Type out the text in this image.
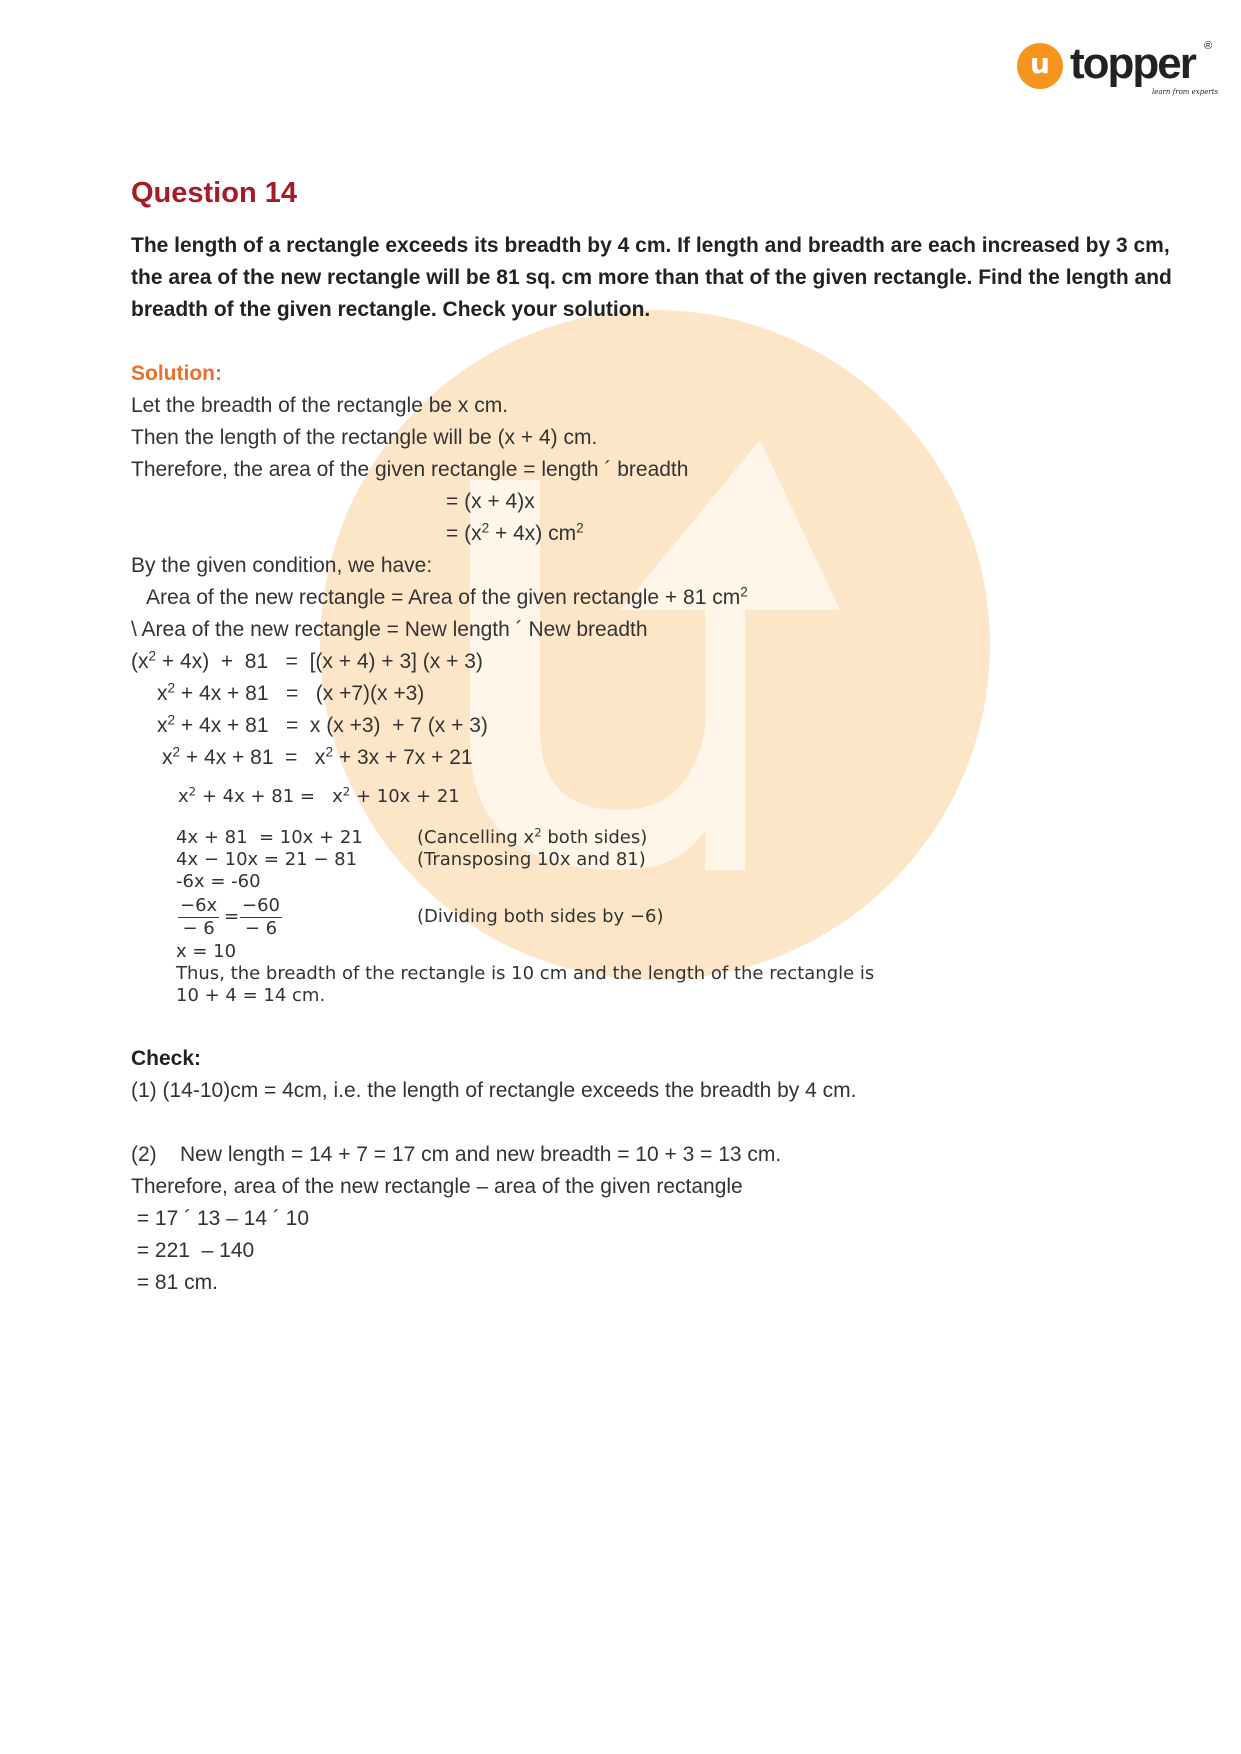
u topper ®
learn from experts
Question 14
The length of a rectangle exceeds its breadth by 4 cm. If length and breadth are each increased by 3 cm,
the area of the new rectangle will be 81 sq. cm more than that of the given rectangle. Find the length and
breadth of the given rectangle. Check your solution.
Solution:
Let the breadth of the rectangle be x cm.
Then the length of the rectangle will be (x + 4) cm.
Therefore, the area of the given rectangle = length ´ breadth
= (x + 4)x
= $(x^2 + 4x)$ $cm^2$
By the given condition, we have:
Area of the new rectangle = Area of the given rectangle + 81 $cm^2$
\ Area of the new rectangle = New length ´ New breadth
$(x^2 + 4x) + 81 = [(x + 4) + 3] (x + 3)$
$x^2 + 4x + 81 = (x +7)(x +3)$
$x^2 + 4x + 81 = x$ (x +3)  + 7 (x + 3)
$x^2 + 4x + 81 = x^2 + 3x + 7x + 21$
$x^2 + 4x + 81 = x^2 + 10x + 21$
4x + 81  = 10x + 21	(Cancelling $x^2$ both sides)
4x − 10x = 21 − 81	(Transposing 10x and 81)
-6x = -60
$\frac{-6x}{- 6} = \frac{-60}{- 6}$	(Dividing both sides by −6)
x = 10
Thus, the breadth of the rectangle is 10 cm and the length of the rectangle is
10 + 4 = 14 cm.
Check:
(1) (14-10)cm = 4cm, i.e. the length of rectangle exceeds the breadth by 4 cm.
(2)    New length = 14 + 7 = 17 cm and new breadth = 10 + 3 = 13 cm.
Therefore, area of the new rectangle – area of the given rectangle
= 17 ´ 13 – 14 ´ 10
= 221  – 140
= 81 cm.
